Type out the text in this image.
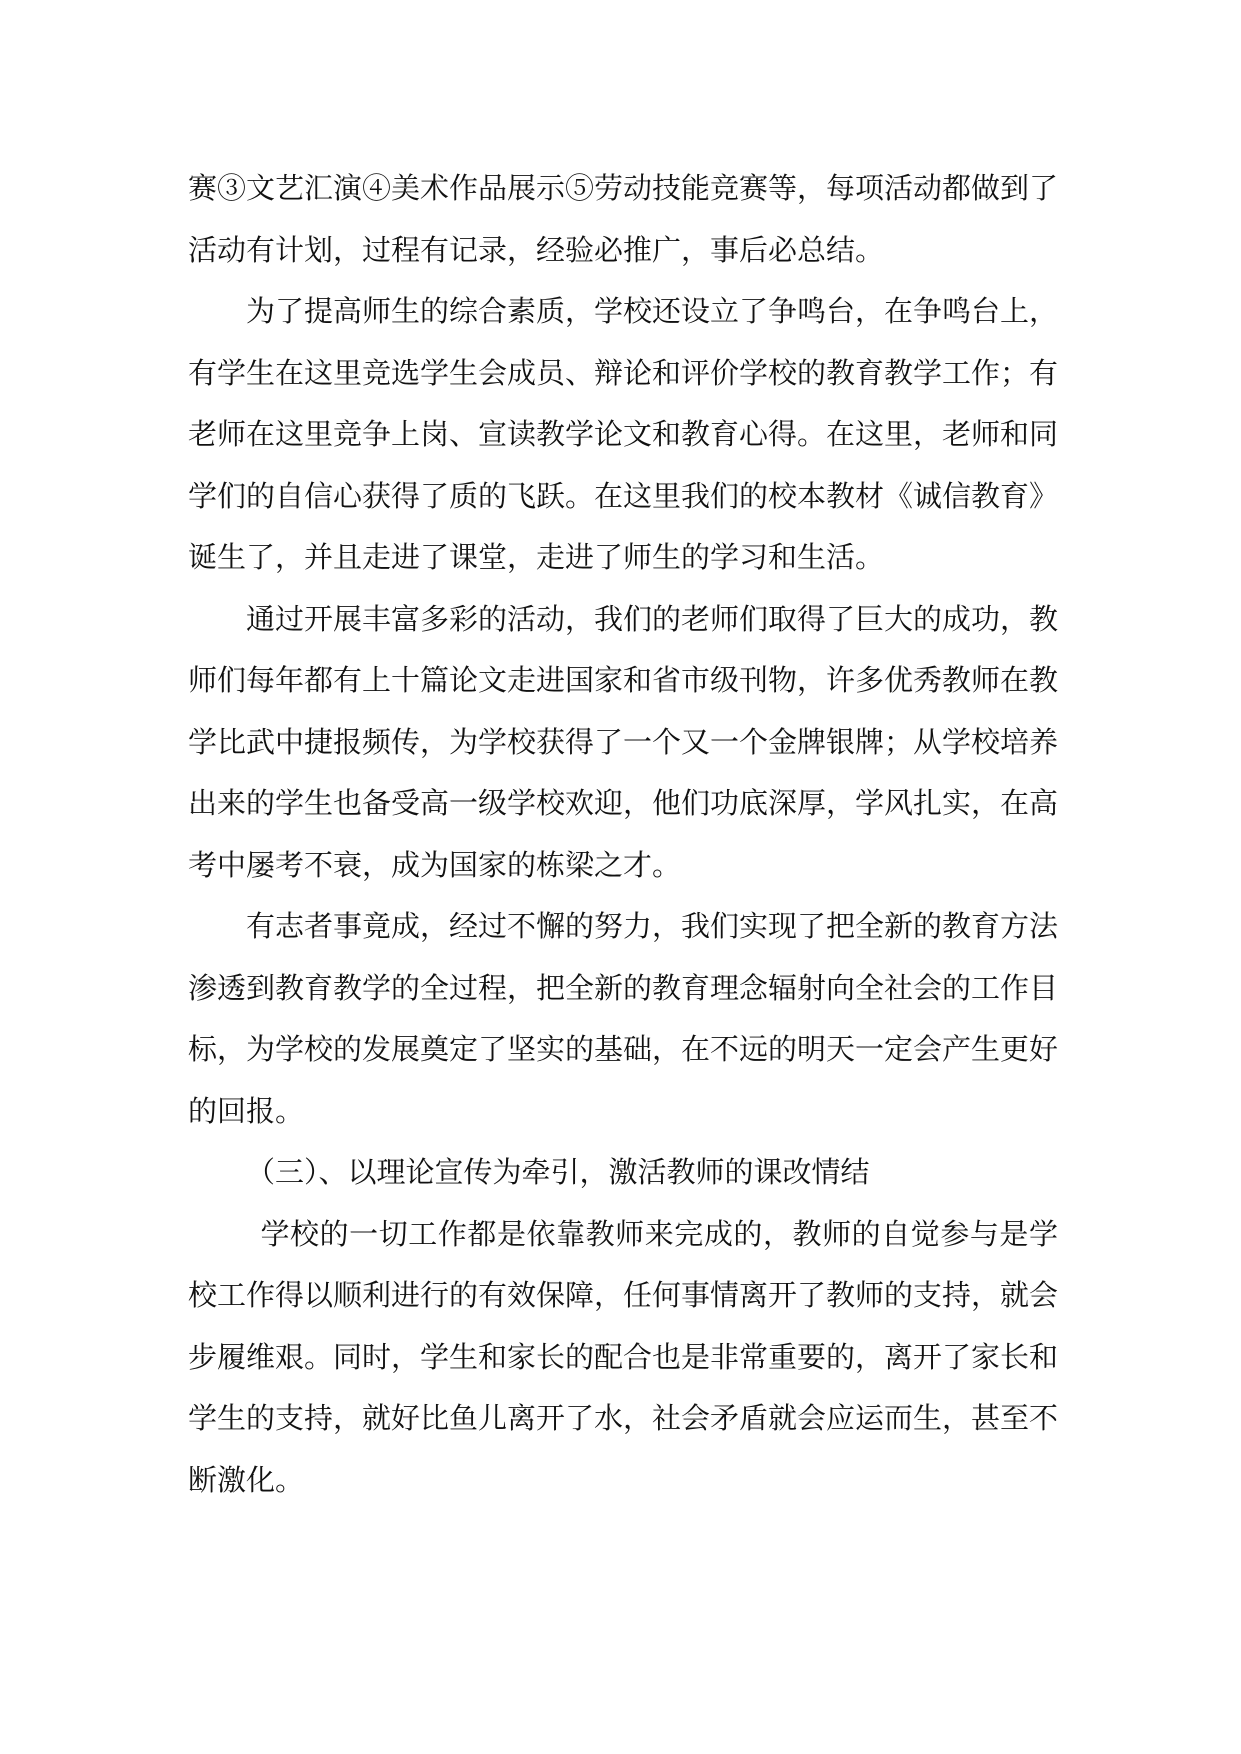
赛③文艺汇演④美术作品展示⑤劳动技能竞赛等，每项活动都做到了活动有计划，过程有记录，经验必推广，事后必总结。

为了提高师生的综合素质，学校还设立了争鸣台，在争鸣台上，有学生在这里竞选学生会成员、辩论和评价学校的教育教学工作；有老师在这里竞争上岗、宣读教学论文和教育心得。在这里，老师和同学们的自信心获得了质的飞跃。在这里我们的校本教材《诚信教育》诞生了，并且走进了课堂，走进了师生的学习和生活。

通过开展丰富多彩的活动，我们的老师们取得了巨大的成功，教师们每年都有上十篇论文走进国家和省市级刊物，许多优秀教师在教学比武中捷报频传，为学校获得了一个又一个金牌银牌；从学校培养出来的学生也备受高一级学校欢迎，他们功底深厚，学风扎实，在高考中屡考不衰，成为国家的栋梁之才。

有志者事竟成，经过不懈的努力，我们实现了把全新的教育方法渗透到教育教学的全过程，把全新的教育理念辐射向全社会的工作目标，为学校的发展奠定了坚实的基础，在不远的明天一定会产生更好的回报。

（三）、以理论宣传为牵引，激活教师的课改情结

学校的一切工作都是依靠教师来完成的，教师的自觉参与是学校工作得以顺利进行的有效保障，任何事情离开了教师的支持，就会步履维艰。同时，学生和家长的配合也是非常重要的，离开了家长和学生的支持，就好比鱼儿离开了水，社会矛盾就会应运而生，甚至不断激化。
